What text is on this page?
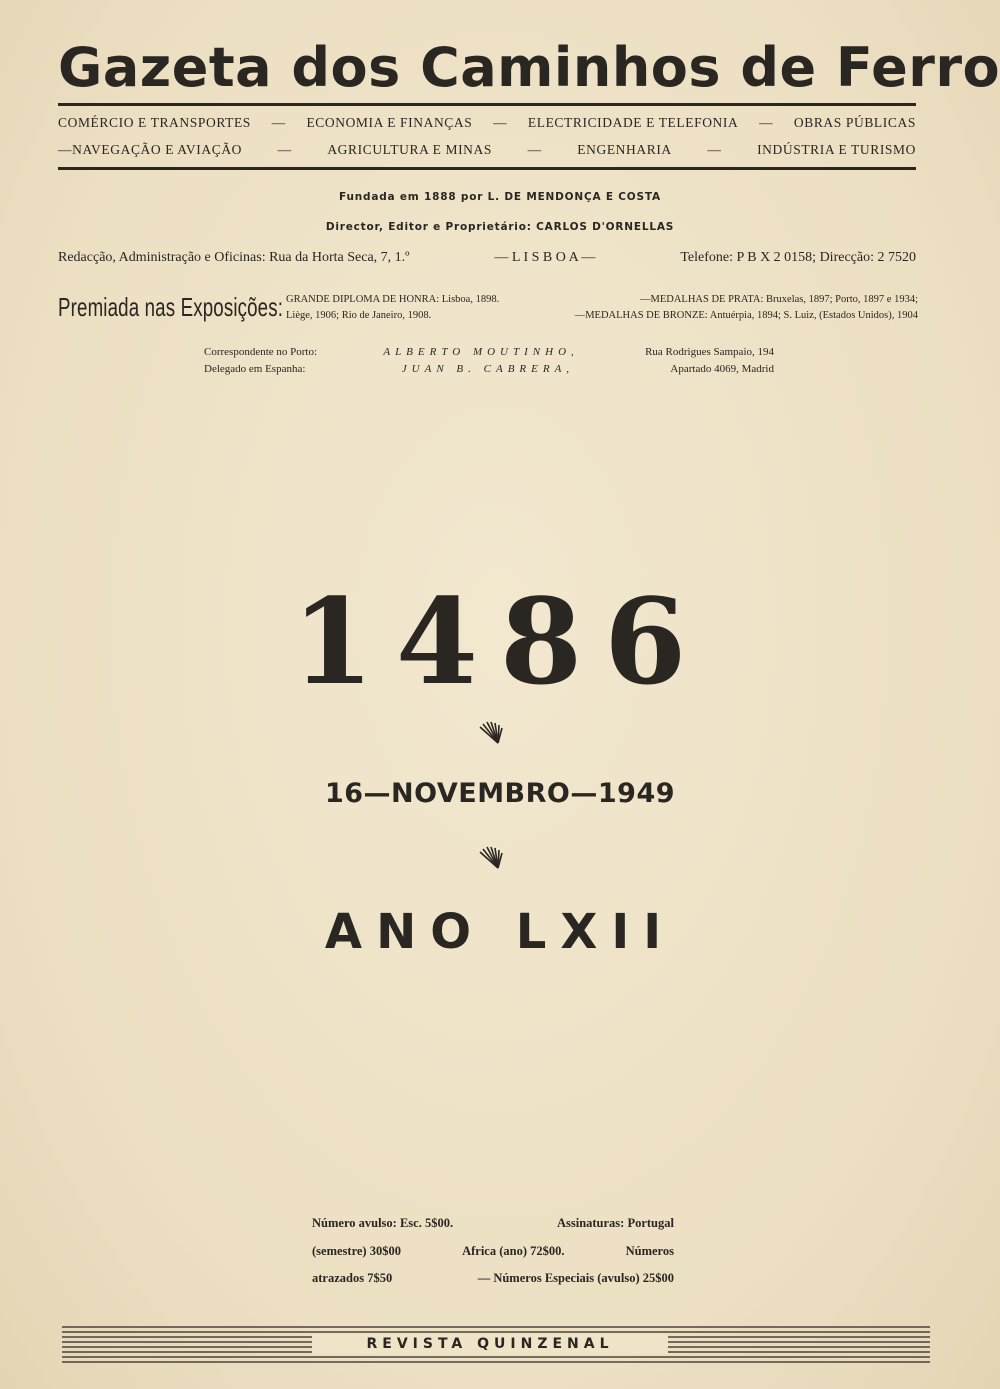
Gazeta dos Caminhos de Ferro
COMÉRCIO E TRANSPORTES — ECONOMIA E FINANÇAS — ELECTRICIDADE E TELEFONIA — OBRAS PÚBLICAS
—NAVEGAÇÃO E AVIAÇÃO	—	AGRICULTURA E MINAS	—	ENGENHARIA	—	INDÚSTRIA E TURISMO
Fundada em 1888 por L. DE MENDONÇA E COSTA
Director, Editor e Proprietário: CARLOS D'ORNELLAS
Redacção, Administração e Oficinas: Rua da Horta Seca, 7, 1.º	— L I S B O A —	Telefone: P B X 2 0158; Direcção: 2 7520
Premiada nas Exposições: GRANDE DIPLOMA DE HONRA: Lisboa, 1898.	—MEDALHAS DE PRATA: Bruxelas, 1897; Porto, 1897 e 1934;
Liège, 1906; Rio de Janeiro, 1908.	—MEDALHAS DE BRONZE: Antuérpia, 1894; S. Luiz, (Estados Unidos), 1904
Correspondente no Porto:	ALBERTO MOUTINHO,	Rua Rodrigues Sampaio, 194
Delegado em Espanha:	JUAN B. CABRERA,	Apartado 4069, Madrid
1486
16—NOVEMBRO—1949
ANO LXII
Número avulso: Esc. 5$00.	Assinaturas: Portugal
(semestre) 30$00	Africa (ano) 72$00.	Números
atrazados 7$50	— Números Especiais (avulso) 25$00
REVISTA QUINZENAL
